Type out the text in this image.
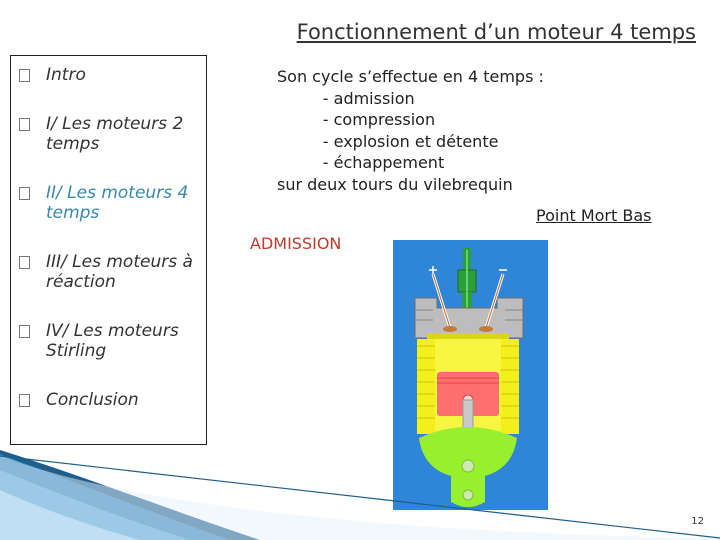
Fonctionnement d’un moteur 4 temps
Intro
I/ Les moteurs 2 temps
II/ Les moteurs 4 temps
III/ Les moteurs à réaction
IV/ Les moteurs Stirling
Conclusion
Son cycle s’effectue en 4 temps :
- admission
- compression
- explosion et détente
- échappement
sur deux tours du vilebrequin
Point Mort Bas
ADMISSION
12
